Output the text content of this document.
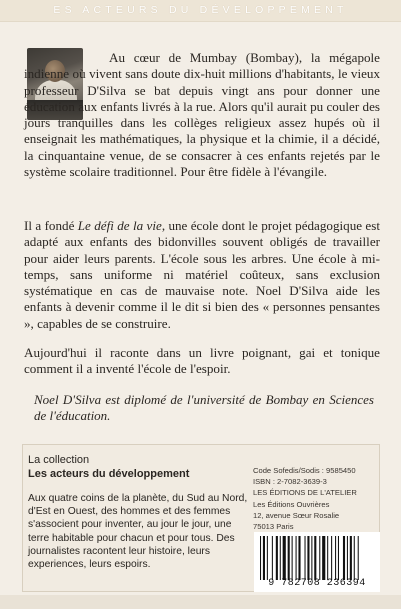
ES ACTEURS DU DÉVELOPPEMENT

Au cœur de Mumbay (Bombay), la mégapole indienne où vivent sans doute dix-huit millions d'habitants, le vieux professeur D'Silva se bat depuis vingt ans pour donner une éducation aux enfants livrés à la rue. Alors qu'il aurait pu couler des jours tranquilles dans les collèges religieux assez hupés où il enseignait les mathématiques, la physique et la chimie, il a décidé, la cinquantaine venue, de se consacrer à ces enfants rejetés par le système scolaire traditionnel. Pour être fidèle à l'évangile.

Il a fondé Le défi de la vie, une école dont le projet pédagogique est adapté aux enfants des bidonvilles souvent obligés de travailler pour aider leurs parents. L'école sous les arbres. Une école à mi-temps, sans uniforme ni matériel coûteux, sans exclusion systématique en cas de mauvaise note. Noel D'Silva aide les enfants à devenir comme il le dit si bien des « personnes pensantes », capables de se construire.

Aujourd'hui il raconte dans un livre poignant, gai et tonique comment il a inventé l'école de l'espoir.

Noel D'Silva est diplomé de l'université de Bombay en Sciences de l'éducation.

La collection
Les acteurs du développement
Aux quatre coins de la planète, du Sud au Nord, d'Est en Ouest, des hommes et des femmes s'associent pour inventer, au jour le jour, une terre habitable pour chacun et pour tous. Des journalistes racontent leur histoire, leurs experiences, leurs espoirs.
Code Sofedis/Sodis : 9585450
ISBN : 2-7082-3639-3
LES ÉDITIONS DE L'ATELIER
Les Éditions Ouvrières
12, avenue Sœur Rosalie
75013 Paris
9 782708 236394
